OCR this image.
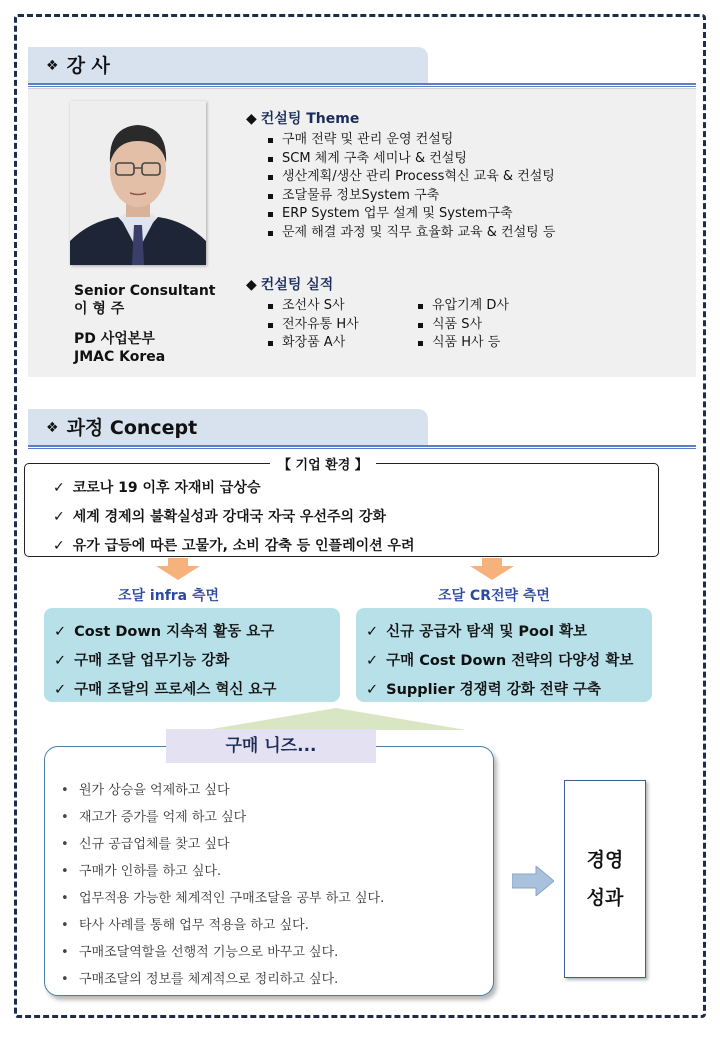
❖ 강 사
Senior Consultant
이 형 주
PD 사업본부
JMAC Korea
◆ 컨설팅 Theme
구매 전략 및 관리 운영 컨설팅
SCM 체계 구축 세미나 & 컨설팅
생산계획/생산 관리 Process혁신 교육 & 컨설팅
조달물류 정보System 구축
ERP System 업무 설계 및 System구축
문제 해결 과정 및 직무 효율화 교육 & 컨설팅 등
◆ 컨설팅 실적
조선사 S사
전자유통 H사
화장품 A사
유압기계 D사
식품 S사
식품 H사 등
❖ 과정 Concept
✓ 코로나 19 이후 자재비 급상승
✓ 세계 경제의 불확실성과 강대국 자국 우선주의 강화
✓ 유가 급등에 따른 고물가, 소비 감축 등 인플레이션 우려
【 기업 환경 】
조달 infra 측면	조달 CR전략 측면
✓ Cost Down 지속적 활동 요구
✓ 구매 조달 업무기능 강화
✓ 구매 조달의 프로세스 혁신 요구
✓ 신규 공급자 탐색 및 Pool 확보
✓ 구매 Cost Down 전략의 다양성 확보
✓ Supplier 경쟁력 강화 전략 구축
• 원가 상승을 억제하고 싶다
• 재고가 증가를 억제 하고 싶다
• 신규 공급업체를 찾고 싶다
• 구매가 인하를 하고 싶다.
• 업무적용 가능한 체계적인 구매조달을 공부 하고 싶다.
• 타사 사례를 통해 업무 적용을 하고 싶다.
• 구매조달역할을 선행적 기능으로 바꾸고 싶다.
• 구매조달의 정보를 체계적으로 정리하고 싶다.
구매 니즈...
경영
성과
